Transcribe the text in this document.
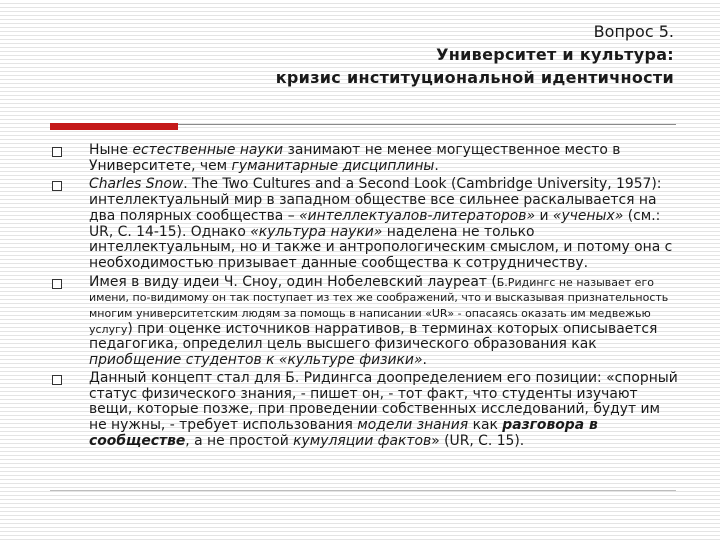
Вопрос 5.
Университет и культура:
кризис институциональной идентичности
Ныне естественные науки занимают не менее могущественное место в Университете, чем гуманитарные дисциплины.
Charles Snow. The Two Cultures and a Second Look (Cambridge University, 1957): интеллектуальный мир в западном обществе все сильнее раскалывается на два полярных сообщества – «интеллектуалов-литераторов» и «ученых» (см.: UR, C. 14-15). Однако «культура науки» наделена не только интеллектуальным, но и также и антропологическим смыслом, и потому она с необходимостью призывает данные сообщества к сотрудничеству.
Имея в виду идеи Ч. Сноу, один Нобелевский лауреат (Б.Ридингс не называет его имени, по-видимому он так поступает из тех же соображений, что и высказывая признательность многим университетским людям за помощь в написании «UR» - опасаясь оказать им медвежью услугу) при оценке источников нарративов, в терминах которых описывается педагогика, определил цель высшего физического образования как приобщение студентов к «культуре физики».
Данный концепт стал для Б. Ридингса доопределением его позиции: «спорный статус физического знания, - пишет он, - тот факт, что студенты изучают вещи, которые позже, при проведении собственных исследований, будут им не нужны, - требует использования модели знания как разговора в сообществе, а не простой кумуляции фактов» (UR, C. 15).
